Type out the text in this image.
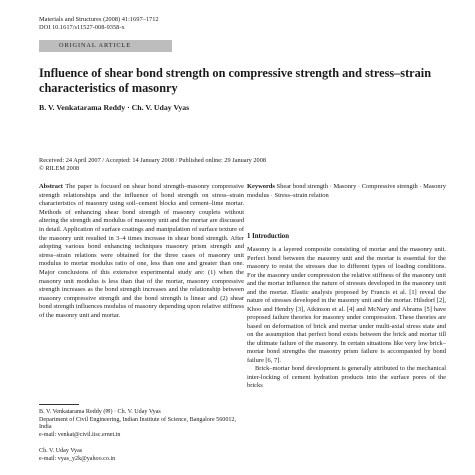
Materials and Structures (2008) 41:1697–1712
DOI 10.1617/s11527-008-9358-x
ORIGINAL ARTICLE
Influence of shear bond strength on compressive strength and stress–strain characteristics of masonry
B. V. Venkatarama Reddy · Ch. V. Uday Vyas
Received: 24 April 2007 / Accepted: 14 January 2008 / Published online: 29 January 2008
© RILEM 2008
Abstract The paper is focused on shear bond strength–masonry compressive strength relationships and the influence of bond strength on stress–strain characteristics of masonry using soil–cement blocks and cement–lime mortar. Methods of enhancing shear bond strength of masonry couplets without altering the strength and modulus of masonry unit and the mortar are discussed in detail. Application of surface coatings and manipulation of surface texture of the masonry unit resulted in 3–4 times increase in shear bond strength. After adopting various bond enhancing techniques masonry prism strength and stress–strain relations were obtained for the three cases of masonry unit modulus to mortar modulus ratio of one, less than one and greater than one. Major conclusions of this extensive experimental study are: (1) when the masonry unit modulus is less than that of the mortar, masonry compressive strength increases as the bond strength increases and the relationship between masonry compressive strength and the bond strength is linear and (2) shear bond strength influences modulus of masonry depending upon relative stiffness of the masonry unit and mortar.
Keywords Shear bond strength · Masonry · Compressive strength · Masonry modulus · Stress–strain relation
B. V. Venkatarama Reddy (✉) · Ch. V. Uday Vyas
Department of Civil Engineering, Indian Institute of Science, Bangalore 560012, India
e-mail: venkat@civil.iisc.ernet.in
Ch. V. Uday Vyas
e-mail: vyas_y2k@yahoo.co.in
1 Introduction

Masonry is a layered composite consisting of mortar and the masonry unit. Perfect bond between the masonry unit and the mortar is essential for the masonry to resist the stresses due to different types of loading conditions. For the masonry under compression the relative stiffness of the masonry unit and the mortar influence the nature of stresses developed in the masonry unit and the mortar. Elastic analysis proposed by Francis et al. [1] reveal the nature of stresses developed in the masonry unit and the mortar. Hilsdorf [2], Khoo and Hendry [3], Atkinson et al. [4] and McNary and Abrams [5] have proposed failure theories for masonry under compression. These theories are based on deformation of brick and mortar under multi-axial stress state and on the assumption that perfect bond exists between the brick and mortar till the ultimate failure of the masonry. In certain situations like very low brick–mortar bond strengths the masonry prism failure is accompanied by bond failure [6, 7].

Brick–mortar bond development is generally attributed to the mechanical inter-locking of cement hydration products into the surface pores of the bricks
